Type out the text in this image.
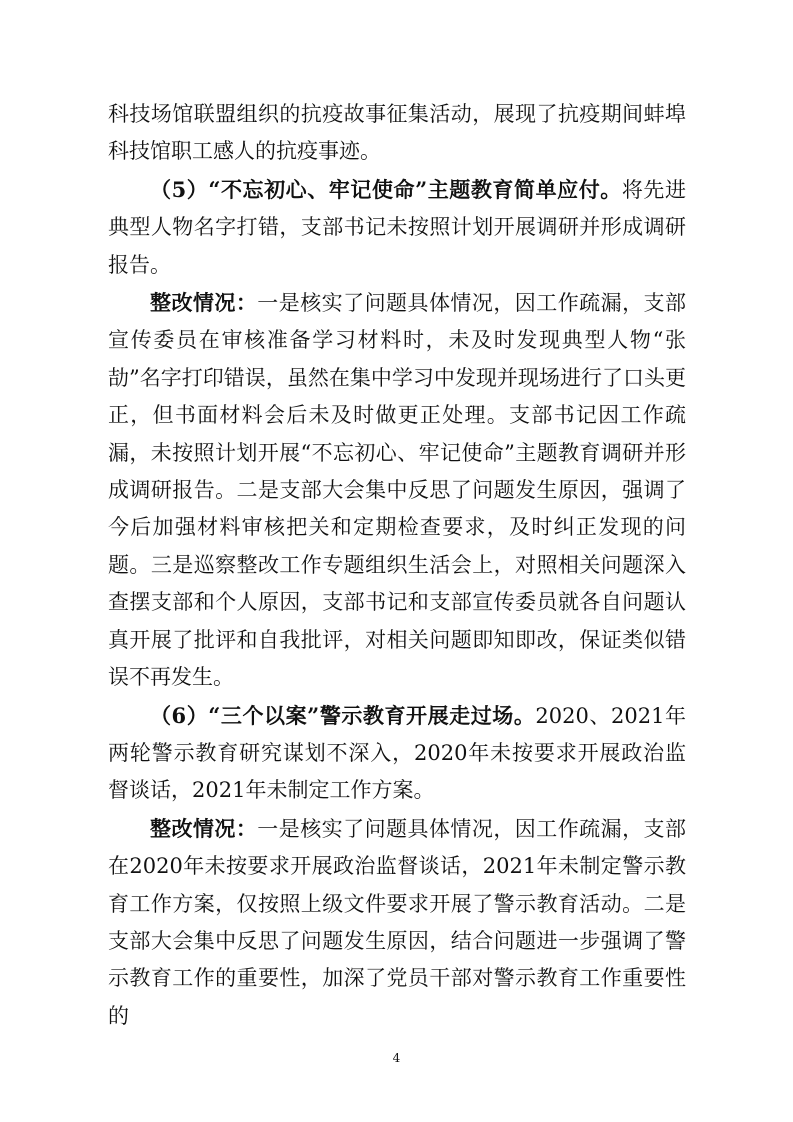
科技场馆联盟组织的抗疫故事征集活动，展现了抗疫期间蚌埠科技馆职工感人的抗疫事迹。

（5）“不忘初心、牢记使命”主题教育简单应付。将先进典型人物名字打错，支部书记未按照计划开展调研并形成调研报告。

整改情况：一是核实了问题具体情况，因工作疏漏，支部宣传委员在审核准备学习材料时，未及时发现典型人物“张劼”名字打印错误，虽然在集中学习中发现并现场进行了口头更正，但书面材料会后未及时做更正处理。支部书记因工作疏漏，未按照计划开展“不忘初心、牢记使命”主题教育调研并形成调研报告。二是支部大会集中反思了问题发生原因，强调了今后加强材料审核把关和定期检查要求，及时纠正发现的问题。三是巡察整改工作专题组织生活会上，对照相关问题深入查摆支部和个人原因，支部书记和支部宣传委员就各自问题认真开展了批评和自我批评，对相关问题即知即改，保证类似错误不再发生。

（6）“三个以案”警示教育开展走过场。2020、2021年两轮警示教育研究谋划不深入，2020年未按要求开展政治监督谈话，2021年未制定工作方案。

整改情况：一是核实了问题具体情况，因工作疏漏，支部在2020年未按要求开展政治监督谈话，2021年未制定警示教育工作方案，仅按照上级文件要求开展了警示教育活动。二是支部大会集中反思了问题发生原因，结合问题进一步强调了警示教育工作的重要性，加深了党员干部对警示教育工作重要性的

4
